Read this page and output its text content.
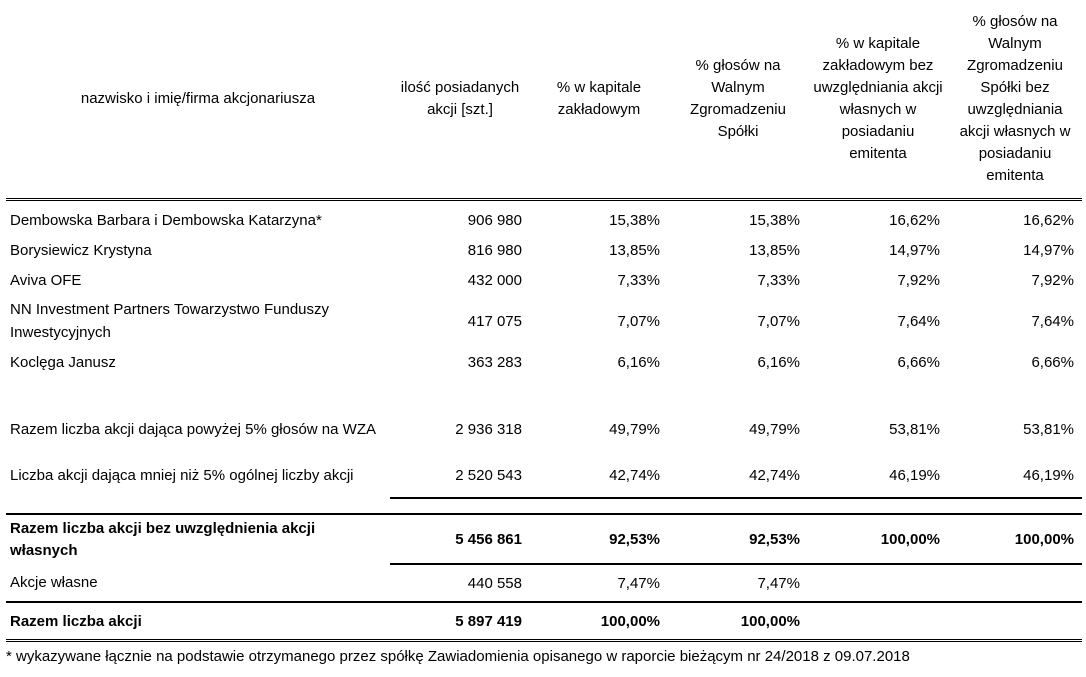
nazwisko i imię/firma akcjonariusza	ilość posiadanych akcji [szt.]	% w kapitale zakładowym	% głosów na Walnym Zgromadzeniu Spółki	% w kapitale zakładowym bez uwzględniania akcji własnych w posiadaniu emitenta	% głosów na Walnym Zgromadzeniu Spółki bez uwzględniania akcji własnych w posiadaniu emitenta
Dembowska Barbara i Dembowska Katarzyna*	906 980	15,38%	15,38%	16,62%	16,62%
Borysiewicz Krystyna	816 980	13,85%	13,85%	14,97%	14,97%
Aviva OFE	432 000	7,33%	7,33%	7,92%	7,92%
NN Investment Partners Towarzystwo Funduszy Inwestycyjnych	417 075	7,07%	7,07%	7,64%	7,64%
Koclęga Janusz	363 283	6,16%	6,16%	6,66%	6,66%

Razem liczba akcji dająca powyżej 5% głosów na WZA	2 936 318	49,79%	49,79%	53,81%	53,81%
Liczba akcji dająca mniej niż 5% ogólnej liczby akcji	2 520 543	42,74%	42,74%	46,19%	46,19%

Razem liczba akcji bez uwzględnienia akcji własnych	5 456 861	92,53%	92,53%	100,00%	100,00%
Akcje własne	440 558	7,47%	7,47%		
Razem liczba akcji	5 897 419	100,00%	100,00%		
* wykazywane łącznie na podstawie otrzymanego przez spółkę Zawiadomienia opisanego w raporcie bieżącym nr 24/2018 z 09.07.2018
